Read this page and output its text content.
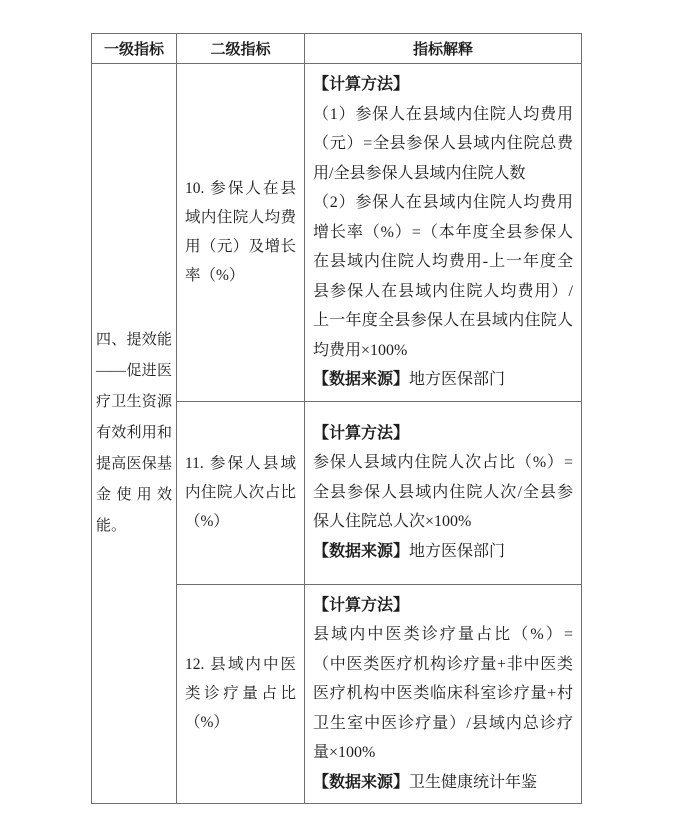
一级指标	二级指标	指标解释
四、提效能——促进医疗卫生资源有效利用和提高医保基金使用效能。	10. 参保人在县域内住院人均费用（元）及增长率（%）	【计算方法】

（1）参保人在县域内住院人均费用（元）=全县参保人县域内住院总费用/全县参保人县域内住院人数

（2）参保人在县域内住院人均费用增长率（%）=（本年度全县参保人在县域内住院人均费用-上一年度全县参保人在县域内住院人均费用）/上一年度全县参保人在县域内住院人均费用×100%

【数据来源】地方医保部门

	11. 参保人县域内住院人次占比（%）	【计算方法】

参保人县域内住院人次占比（%）=全县参保人县域内住院人次/全县参保人住院总人次×100%

【数据来源】地方医保部门

	12. 县域内中医类诊疗量占比（%）	【计算方法】

县域内中医类诊疗量占比（%）=（中医类医疗机构诊疗量+非中医类医疗机构中医类临床科室诊疗量+村卫生室中医诊疗量）/县域内总诊疗量×100%

【数据来源】卫生健康统计年鉴
